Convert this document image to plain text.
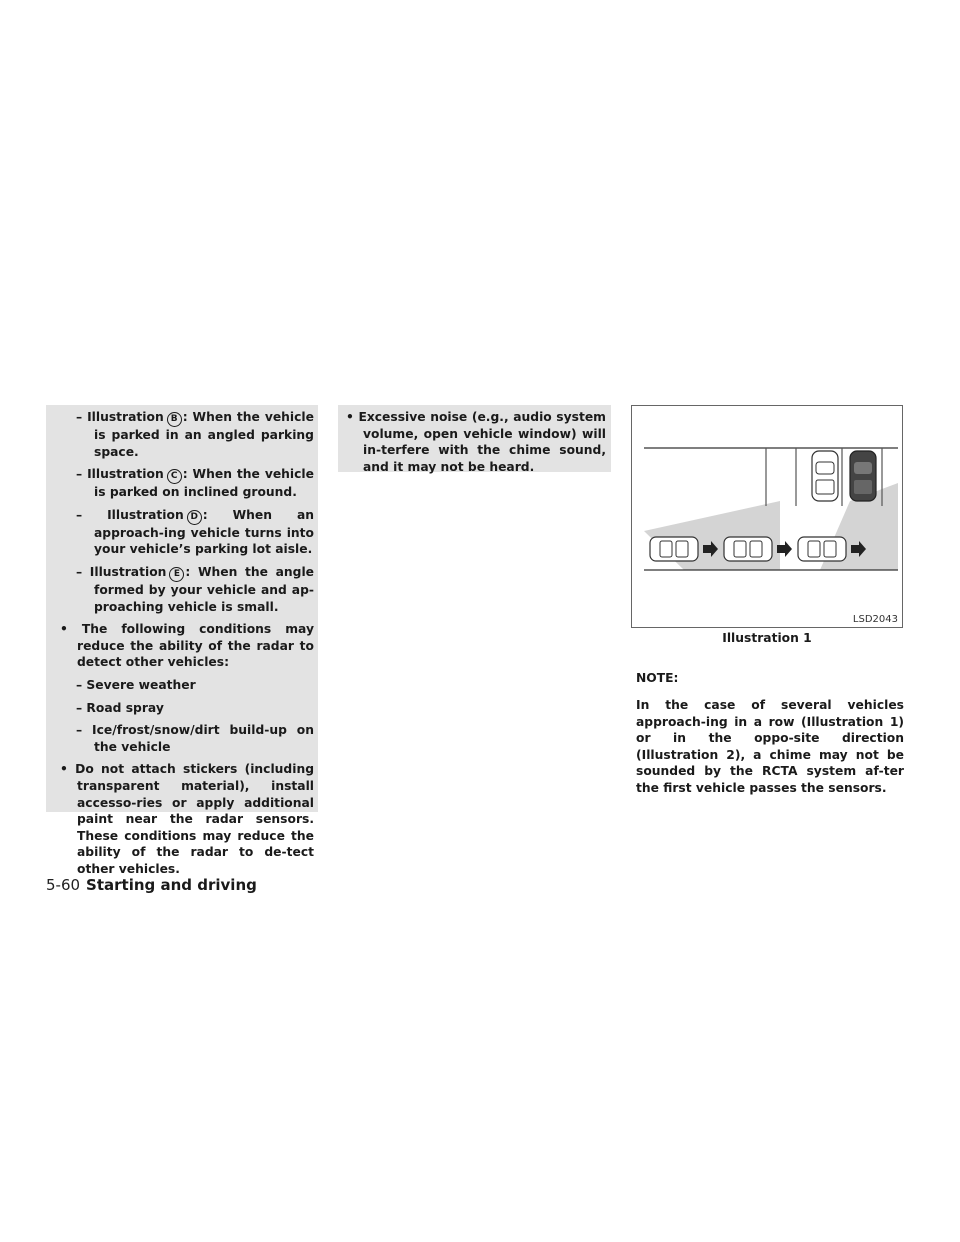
– Illustration B : When the vehicle is parked in an angled parking space.
– Illustration C : When the vehicle is parked on inclined ground.
– Illustration D : When an approach-ing vehicle turns into your vehicle’s parking lot aisle.
– Illustration E : When the angle formed by your vehicle and ap-proaching vehicle is small.
• The following conditions may reduce the ability of the radar to detect other vehicles:
– Severe weather
– Road spray
– Ice/frost/snow/dirt build-up on the vehicle
• Do not attach stickers (including transparent material), install accesso-ries or apply additional paint near the radar sensors. These conditions may reduce the ability of the radar to de-tect other vehicles.
• Excessive noise (e.g., audio system volume, open vehicle window) will in-terfere with the chime sound, and it may not be heard.
LSD2043
Illustration 1
NOTE:
In the case of several vehicles approach-ing in a row (Illustration 1) or in the oppo-site direction (Illustration 2), a chime may not be sounded by the RCTA system af-ter the first vehicle passes the sensors.
5-60 Starting and driving
